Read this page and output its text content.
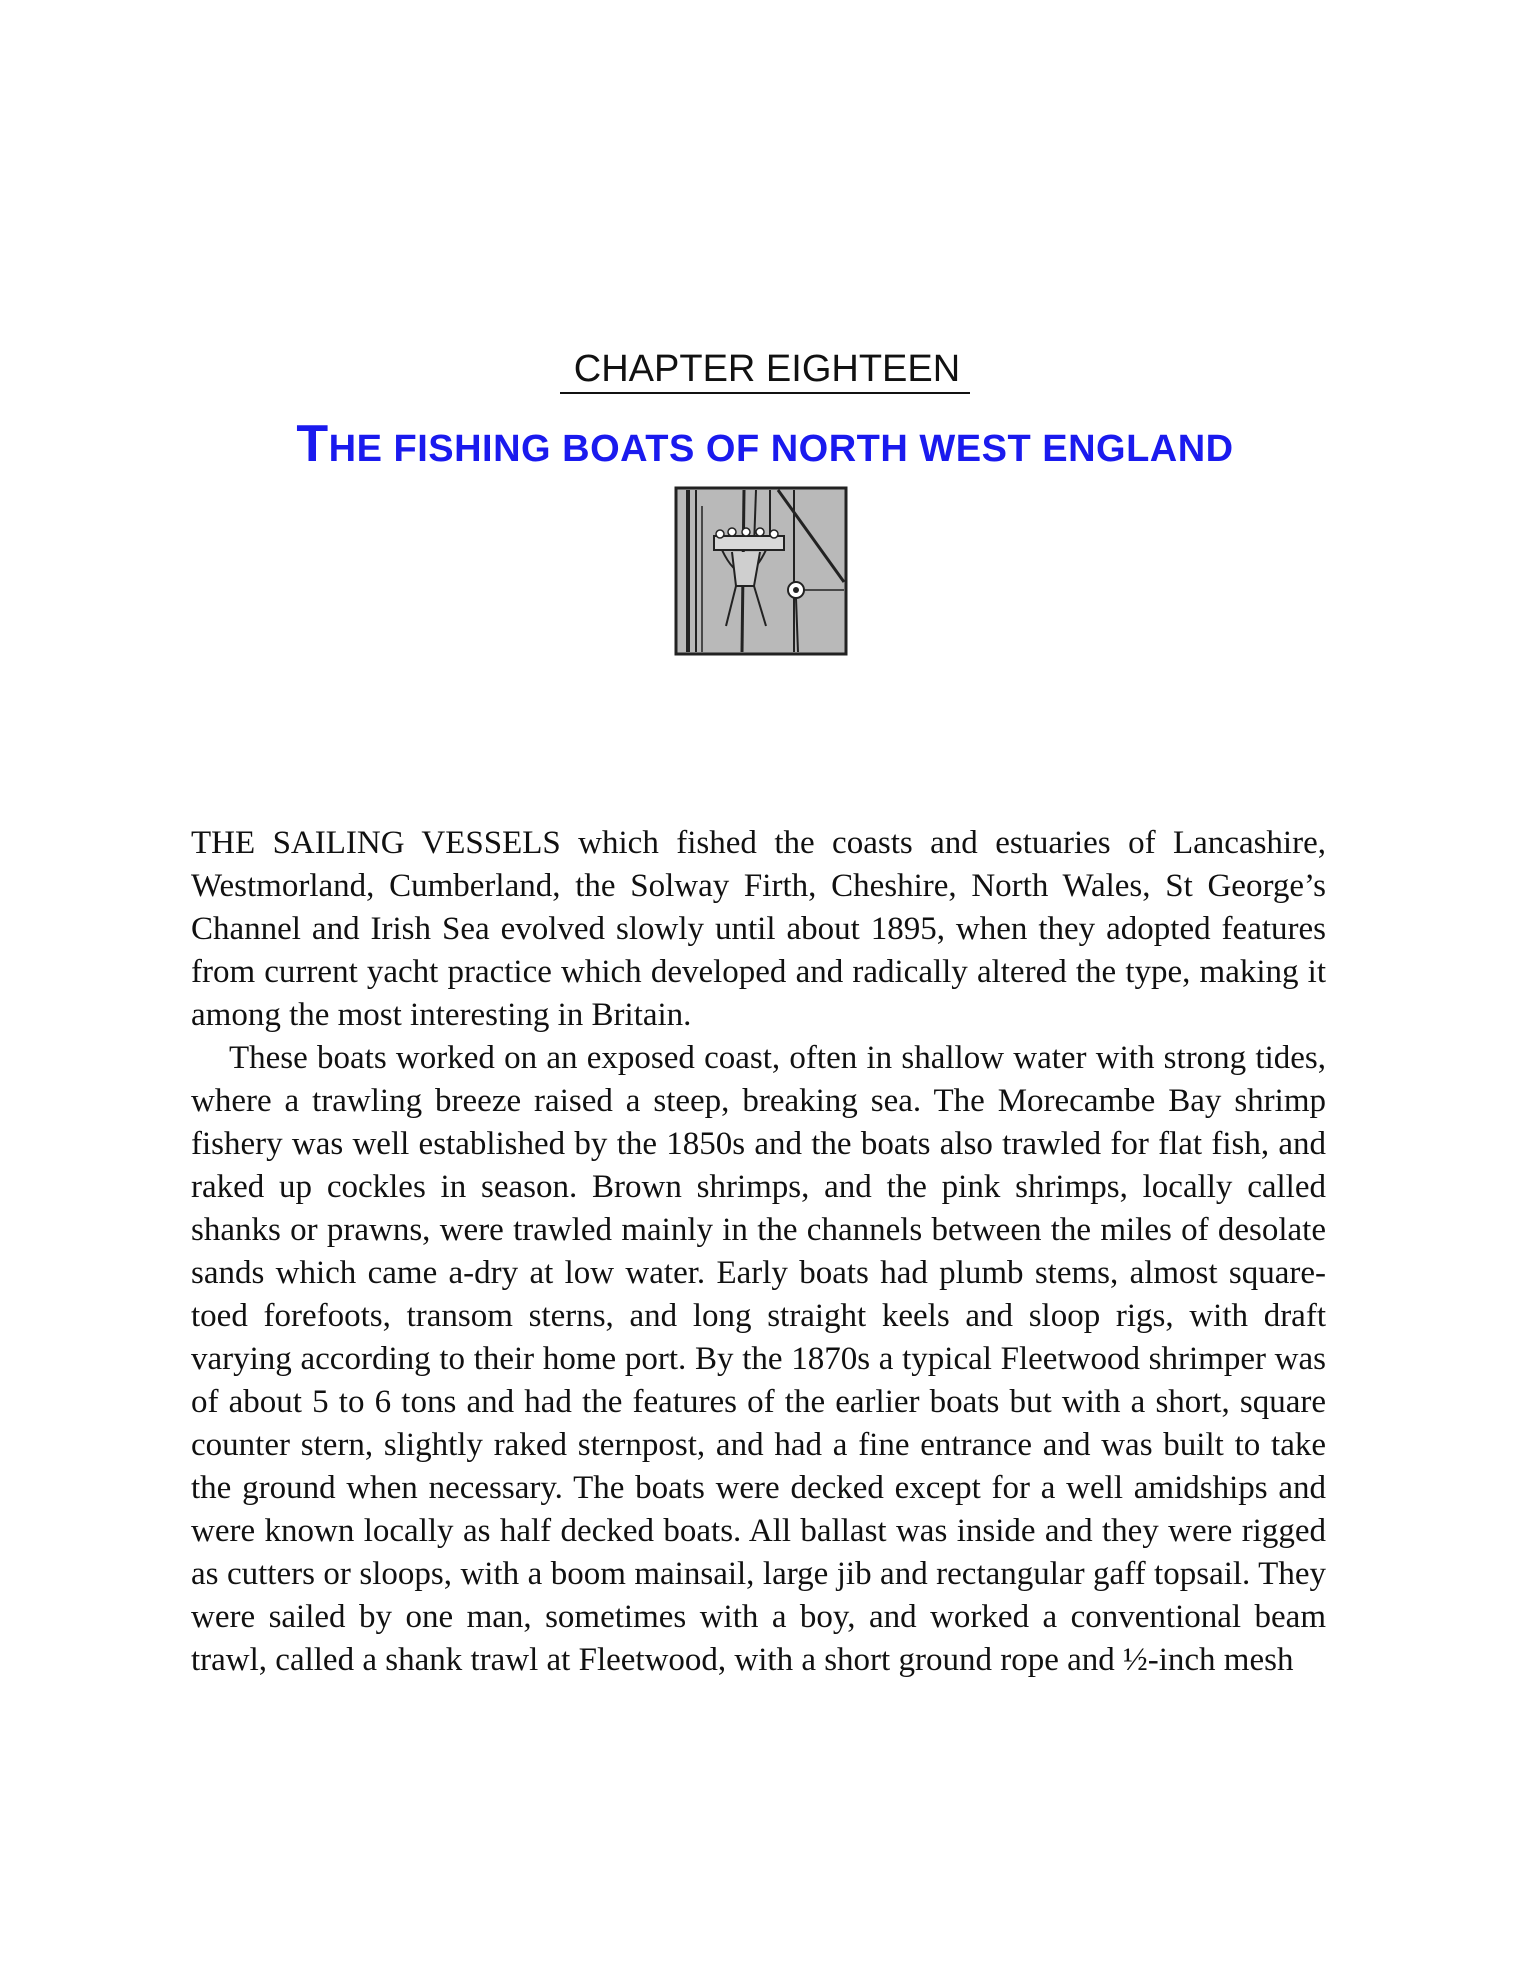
CHAPTER EIGHTEEN
THE FISHING BOATS OF NORTH WEST ENGLAND

THE SAILING VESSELS which fished the coasts and estuaries of Lancashire, Westmorland, Cumberland, the Solway Firth, Cheshire, North Wales, St George’s Channel and Irish Sea evolved slowly until about 1895, when they adopted features from current yacht practice which developed and radically altered the type, making it among the most interesting in Britain.

These boats worked on an exposed coast, often in shallow water with strong tides, where a trawling breeze raised a steep, breaking sea. The Morecambe Bay shrimp fishery was well established by the 1850s and the boats also trawled for flat fish, and raked up cockles in season. Brown shrimps, and the pink shrimps, locally called shanks or prawns, were trawled mainly in the channels between the miles of desolate sands which came a-dry at low water. Early boats had plumb stems, almost square-toed forefoots, transom sterns, and long straight keels and sloop rigs, with draft varying according to their home port. By the 1870s a typical Fleetwood shrimper was of about 5 to 6 tons and had the features of the earlier boats but with a short, square counter stern, slightly raked sternpost, and had a fine entrance and was built to take the ground when necessary. The boats were decked except for a well amidships and were known locally as half decked boats. All ballast was inside and they were rigged as cutters or sloops, with a boom mainsail, large jib and rectangular gaff topsail. They were sailed by one man, sometimes with a boy, and worked a conventional beam trawl, called a shank trawl at Fleetwood, with a short ground rope and ½-inch mesh
